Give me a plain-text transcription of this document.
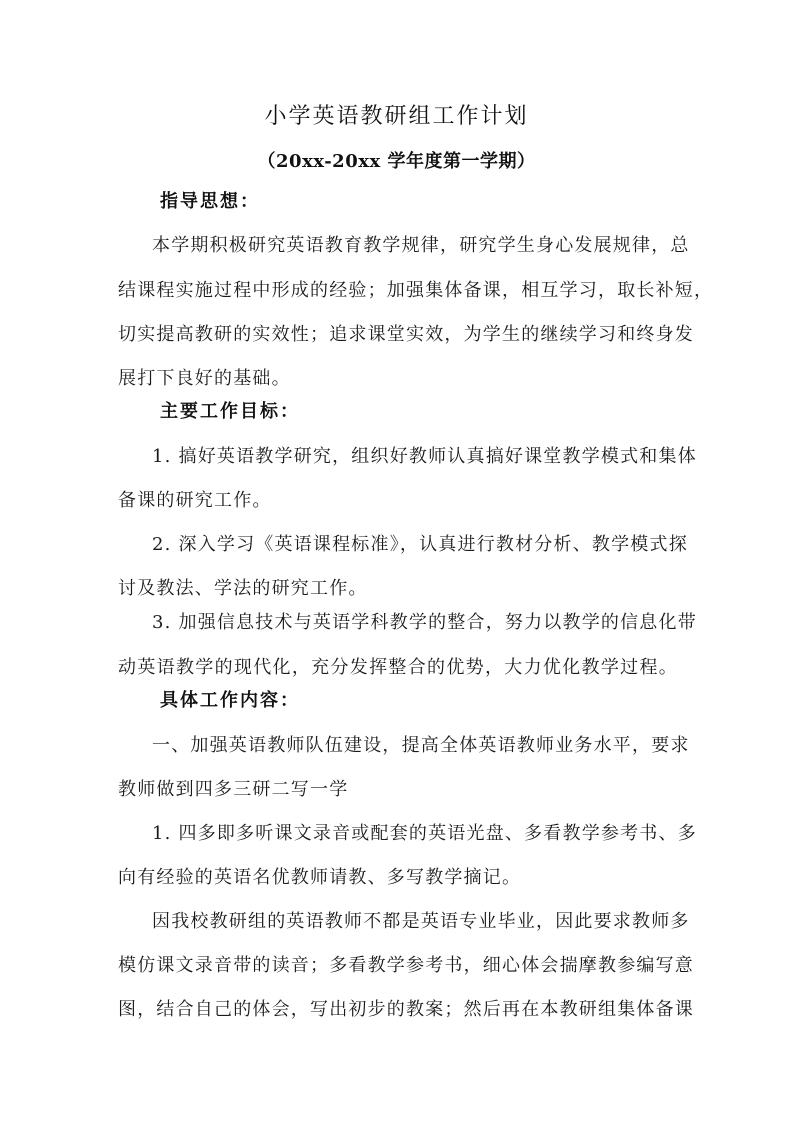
小学英语教研组工作计划
（20xx-20xx 学年度第一学期）
指导思想：
本学期积极研究英语教育教学规律，研究学生身心发展规律，总
结课程实施过程中形成的经验；加强集体备课，相互学习，取长补短，
切实提高教研的实效性；追求课堂实效，为学生的继续学习和终身发
展打下良好的基础。
主要工作目标：
1. 搞好英语教学研究，组织好教师认真搞好课堂教学模式和集体
备课的研究工作。
2. 深入学习《英语课程标准》，认真进行教材分析、教学模式探
讨及教法、学法的研究工作。
3. 加强信息技术与英语学科教学的整合，努力以教学的信息化带
动英语教学的现代化，充分发挥整合的优势，大力优化教学过程。
具体工作内容：
一、加强英语教师队伍建设，提高全体英语教师业务水平，要求
教师做到四多三研二写一学
1. 四多即多听课文录音或配套的英语光盘、多看教学参考书、多
向有经验的英语名优教师请教、多写教学摘记。
因我校教研组的英语教师不都是英语专业毕业，因此要求教师多
模仿课文录音带的读音；多看教学参考书，细心体会揣摩教参编写意
图，结合自己的体会，写出初步的教案；然后再在本教研组集体备课
